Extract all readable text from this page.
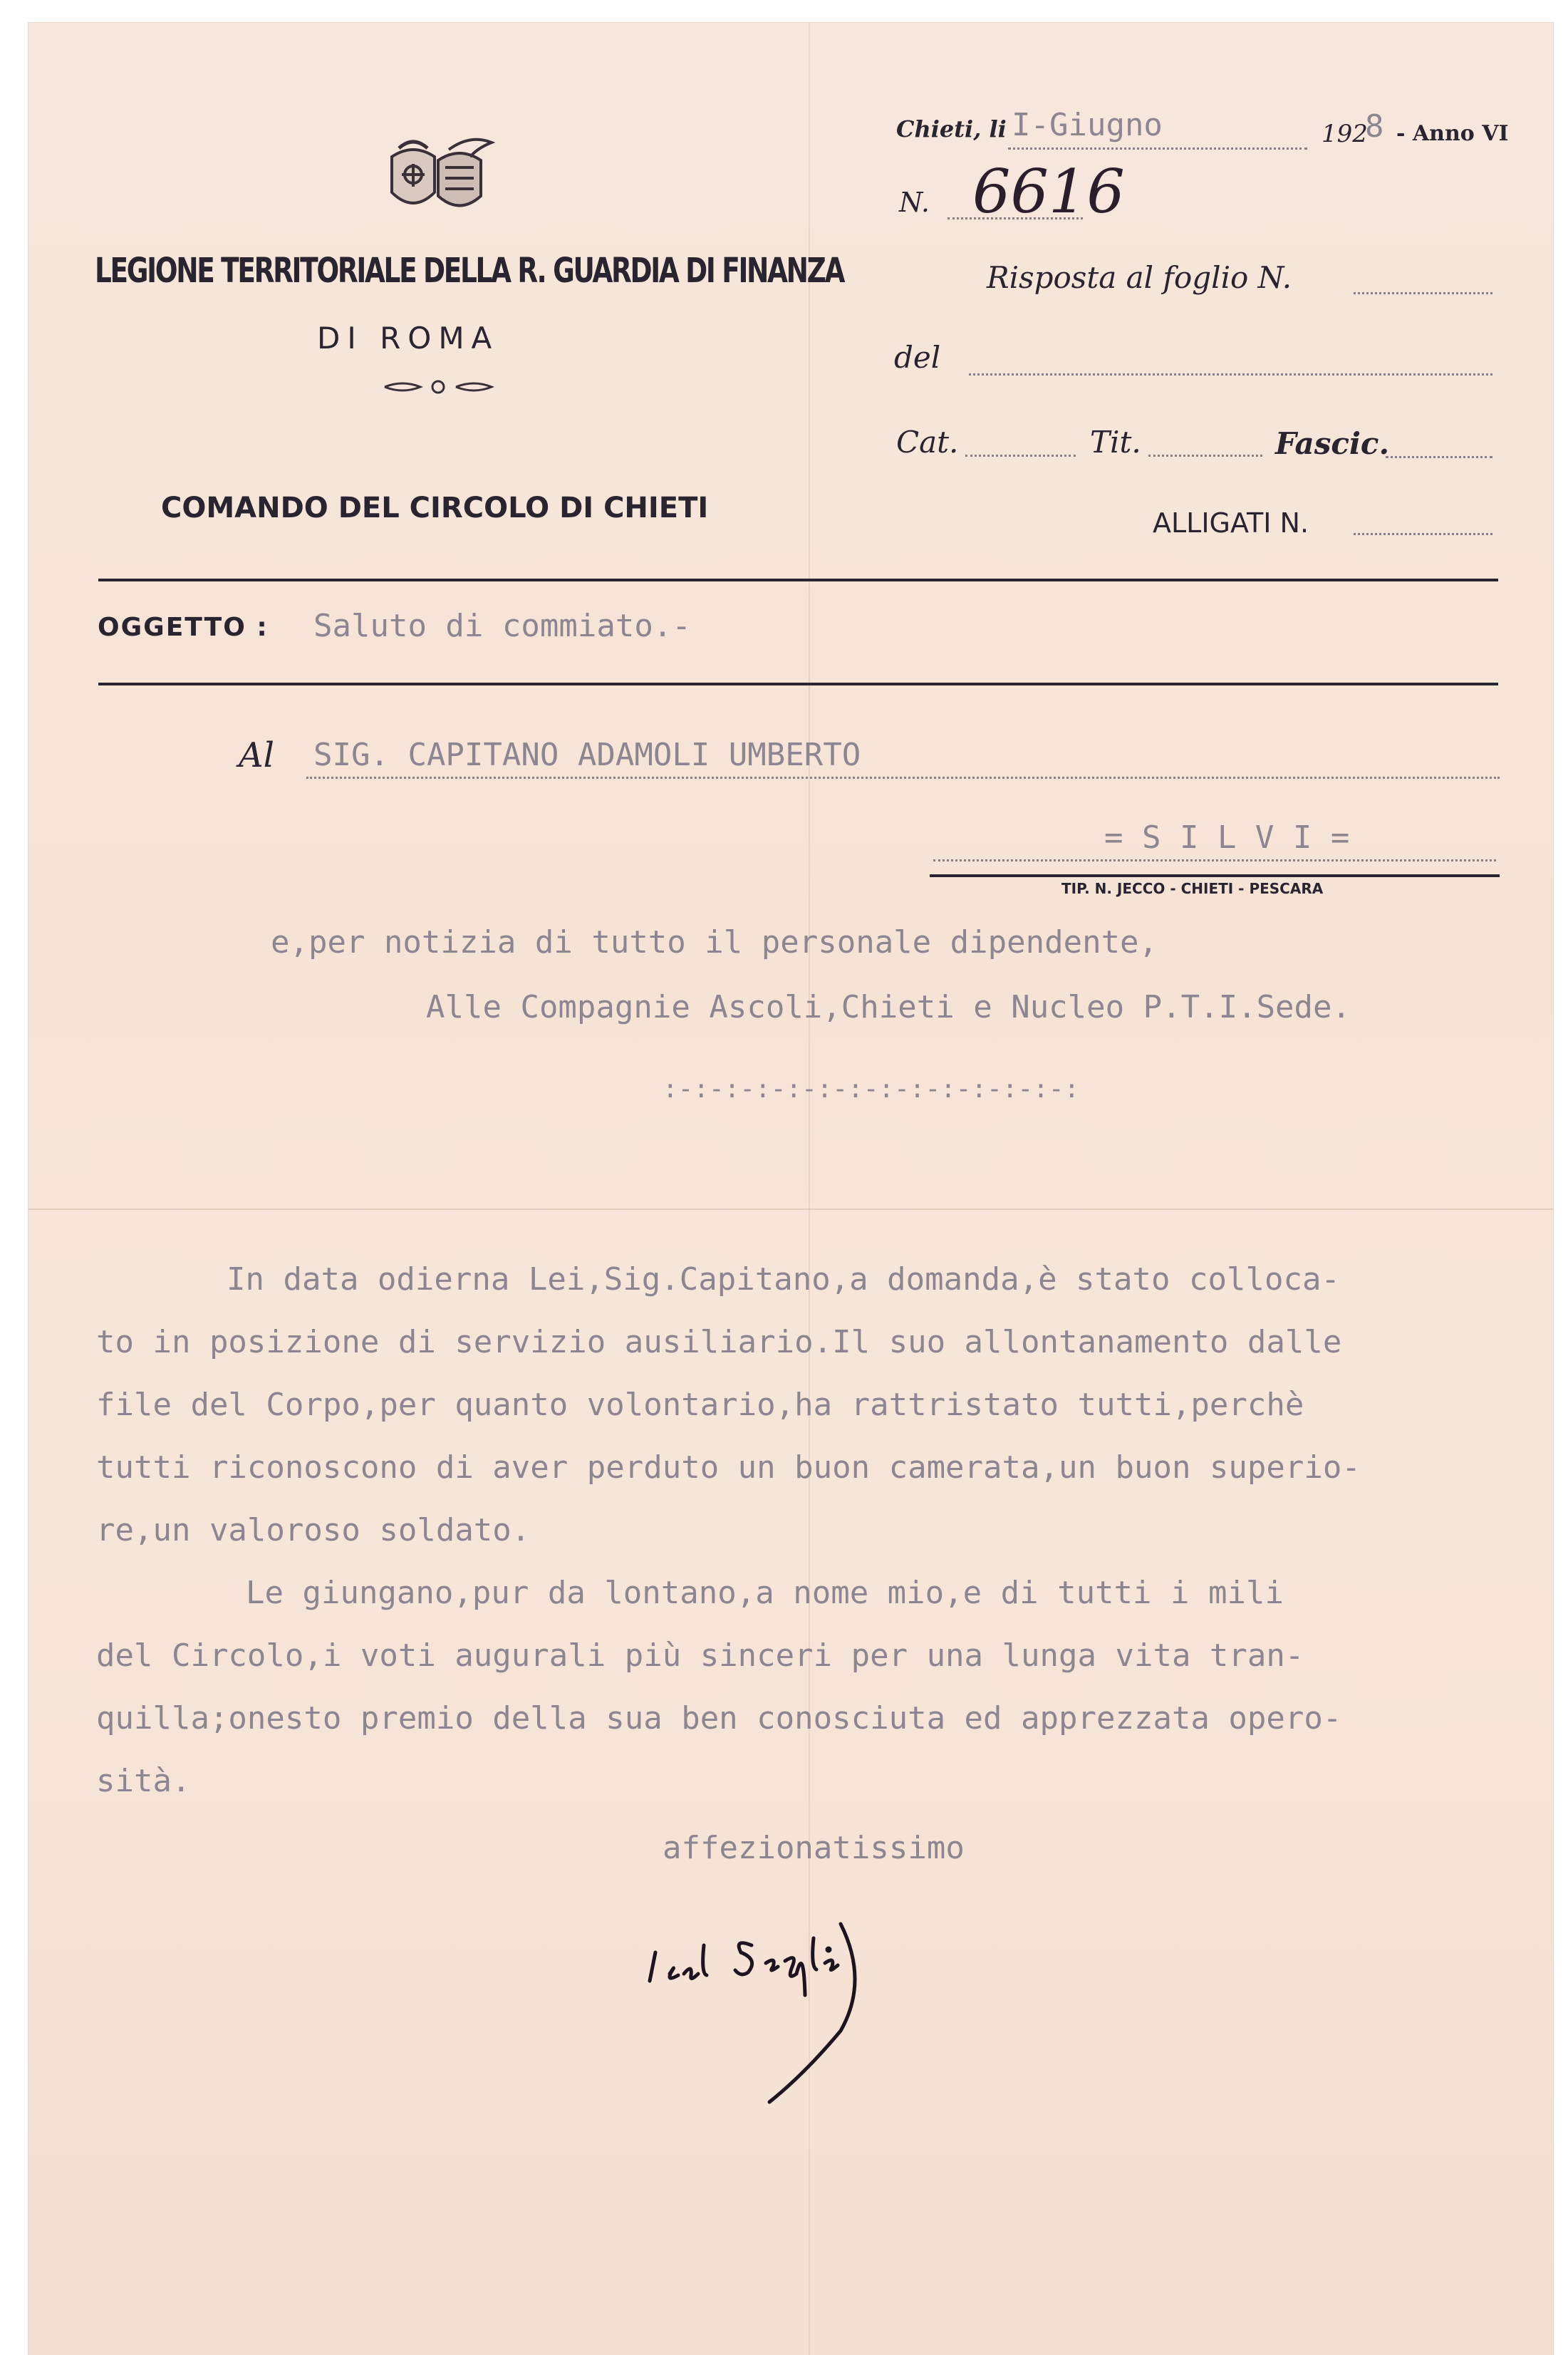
LEGIONE TERRITORIALE DELLA R. GUARDIA DI FINANZA
DI ROMA
COMANDO DEL CIRCOLO DI CHIETI
Chieti, li I-Giugno	192
8 - Anno VI
N. 6616
Risposta al foglio N.
del
Cat.	Tit.	Fascic.
ALLIGATI N.
OGGETTO : Saluto di commiato.-
Al SIG. CAPITANO ADAMOLI UMBERTO
= S I L V I =
TIP. N. JECCO - CHIETI - PESCARA
e,per notizia di tutto il personale dipendente,
Alle Compagnie Ascoli,Chieti e Nucleo P.T.I.Sede.
:-:-:-:-:-:-:-:-:-:-:-:-:-:
In data odierna Lei,Sig.Capitano,a domanda,è stato colloca-
to in posizione di servizio ausiliario.Il suo allontanamento dalle
file del Corpo,per quanto volontario,ha rattristato tutti,perchè
tutti riconoscono di aver perduto un buon camerata,un buon superio-
re,un valoroso soldato.
Le giungano,pur da lontano,a nome mio,e di tutti i mili
del Circolo,i voti augurali più sinceri per una lunga vita tran-
quilla;onesto premio della sua ben conosciuta ed apprezzata opero-
sità.
affezionatissimo
